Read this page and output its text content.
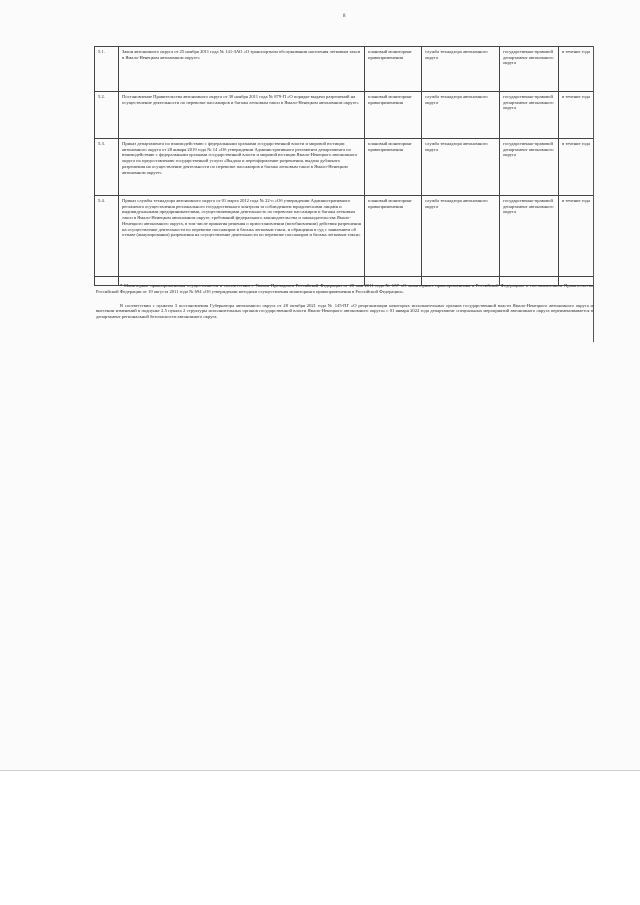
8
5.1.	Закон автономного округа от 25 ноября 2011 года № 141-ЗАО «О транспортном обслуживании населения легковым такси в Ямало-Ненецком автономном округе»	плановый мониторинг правоприменения	служба технадзора автономного округа	государственно-правовой департамент автономного округа	в течение года
5.2.	Постановление Правительства автономного округа от 30 ноября 2011 года № 879-П «О порядке выдачи разрешений на осуществление деятельности по перевозке пассажиров и багажа легковым такси в Ямало-Ненецком автономном округе»	плановый мониторинг правоприменения	служба технадзора автономного округа	государственно-правовой департамент автономного округа	в течение года
5.3.	Приказ департамента по взаимодействию с федеральными органами государственной власти и мировой юстиции автономного округа от 28 января 2019 года № 14 «Об утверждении Административного регламента департамента по взаимодействию с федеральными органами государственной власти и мировой юстиции Ямало-Ненецкого автономного округа по предоставлению государственной услуги «Выдача и переоформление разрешения, выдача дубликата разрешения на осуществление деятельности по перевозке пассажиров и багажа легковым такси в Ямало-Ненецком автономном округе»	плановый мониторинг правоприменения	служба технадзора автономного округа	государственно-правовой департамент автономного округа	в течение года
5.4.	Приказ службы технадзора автономного округа от 01 марта 2012 года № 22-о «Об утверждении Административного регламента осуществления регионального государственного контроля за соблюдением юридическими лицами и индивидуальными предпринимателями, осуществляющими деятельность по перевозке пассажиров и багажа легковым такси в Ямало-Ненецком автономном округе, требований федерального законодательства и законодательства Ямало-Ненецкого автономного округа, в том числе принятия решения о приостановлении (возобновлении) действия разрешения на осуществление деятельности по перевозке пассажиров и багажа легковым такси, и обращения в суд с заявлением об отзыве (аннулировании) разрешения на осуществление деятельности по перевозке пассажиров и багажа легковым такси»	плановый мониторинг правоприменения	служба технадзора автономного округа	государственно-правовой департамент автономного округа	в течение года

* Мониторинг правоприменения осуществляется в соответствии с Указом Президента Российской Федерации от 20 мая 2011 года № 657 «О мониторинге правоприменения в Российской Федерации» и постановлением Правительства Российской Федерации от 19 августа 2011 года № 694 «Об утверждении методики осуществления мониторинга правоприменения в Российской Федерации».

В соответствии с пунктом 3 постановления Губернатора автономного округа от 28 октября 2021 года № 145-ПГ «О реорганизации некоторых исполнительных органов государственной власти Ямало-Ненецкого автономного округа и внесении изменений в подпункт 2.5 пункта 2 структуры исполнительных органов государственной власти Ямало-Ненецкого автономного округа» с 01 января 2022 года департамент специальных мероприятий автономного округа переименовывается в департамент региональной безопасности автономного округа.
